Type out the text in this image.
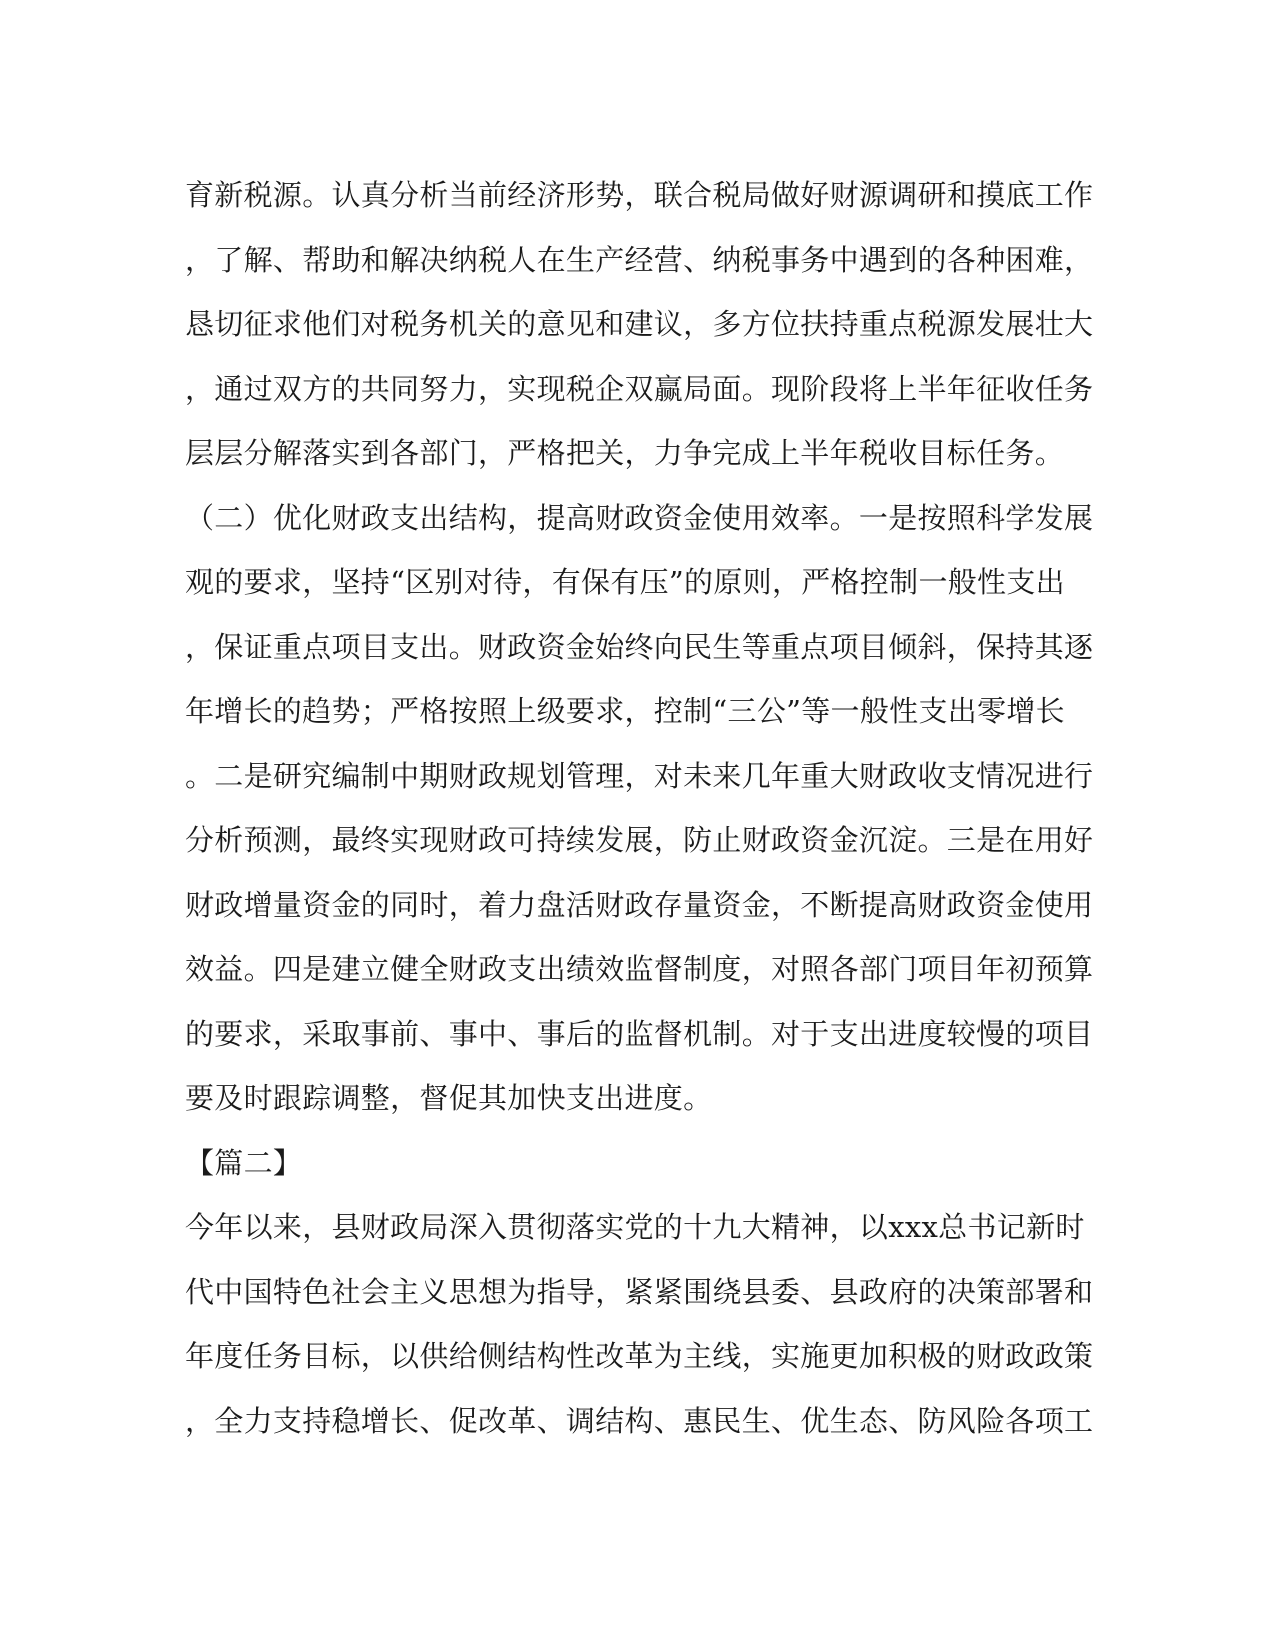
育新税源。认真分析当前经济形势，联合税局做好财源调研和摸底工作
，了解、帮助和解决纳税人在生产经营、纳税事务中遇到的各种困难，
恳切征求他们对税务机关的意见和建议，多方位扶持重点税源发展壮大
，通过双方的共同努力，实现税企双赢局面。现阶段将上半年征收任务
层层分解落实到各部门，严格把关，力争完成上半年税收目标任务。
（二）优化财政支出结构，提高财政资金使用效率。一是按照科学发展
观的要求，坚持“区别对待，有保有压”的原则，严格控制一般性支出
，保证重点项目支出。财政资金始终向民生等重点项目倾斜，保持其逐
年增长的趋势；严格按照上级要求，控制“三公”等一般性支出零增长
。二是研究编制中期财政规划管理，对未来几年重大财政收支情况进行
分析预测，最终实现财政可持续发展，防止财政资金沉淀。三是在用好
财政增量资金的同时，着力盘活财政存量资金，不断提高财政资金使用
效益。四是建立健全财政支出绩效监督制度，对照各部门项目年初预算
的要求，采取事前、事中、事后的监督机制。对于支出进度较慢的项目
要及时跟踪调整，督促其加快支出进度。
【篇二】
今年以来，县财政局深入贯彻落实党的十九大精神，以xxx总书记新时
代中国特色社会主义思想为指导，紧紧围绕县委、县政府的决策部署和
年度任务目标，以供给侧结构性改革为主线，实施更加积极的财政政策
，全力支持稳增长、促改革、调结构、惠民生、优生态、防风险各项工
